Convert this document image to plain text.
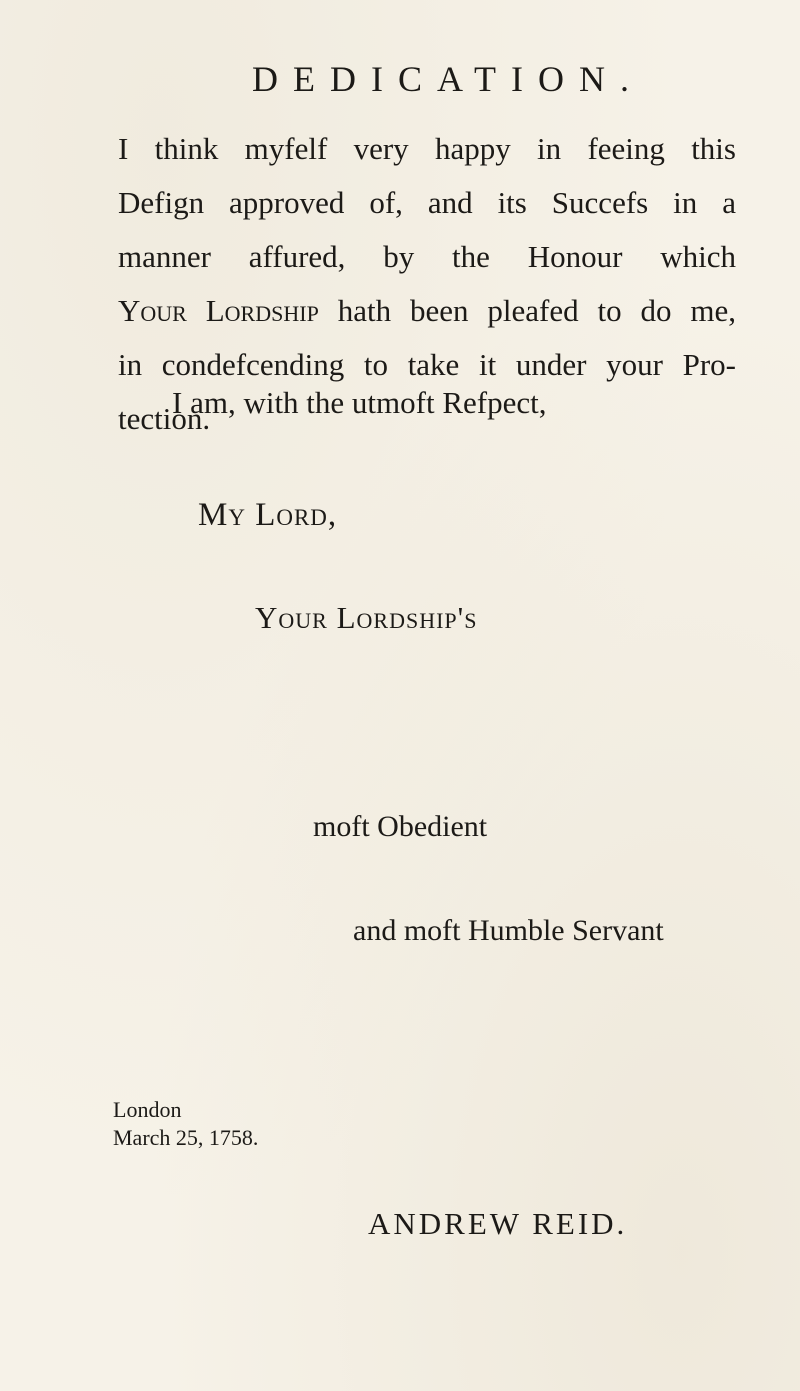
DEDICATION.
I think myfelf very happy in feeing this
Defign approved of, and its Succefs in a
manner affured, by the Honour which
Your Lordship hath been pleafed to do me,
in condefcending to take it under your Pro-
tection.
I am, with the utmoft Refpect,
My Lord,
Your Lordship's
moft Obedient
and moft Humble Servant
London
March 25, 1758.
ANDREW REID.
